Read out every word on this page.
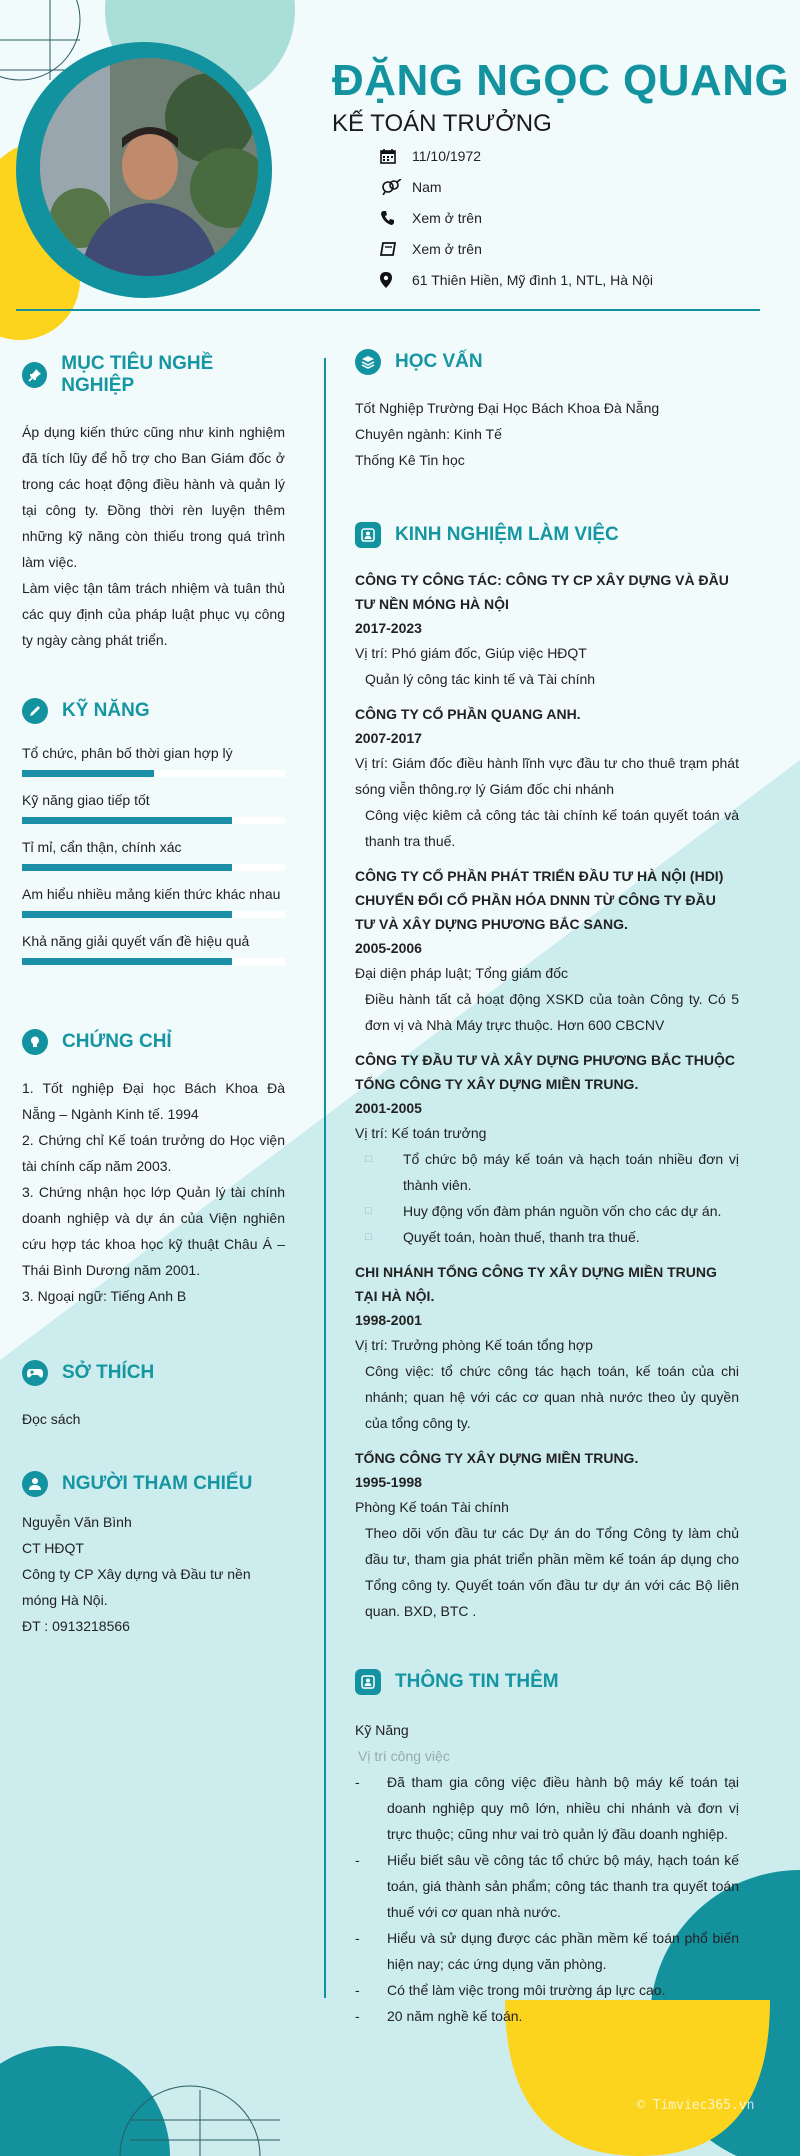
ĐẶNG NGỌC QUANG
KẾ TOÁN TRƯỞNG
11/10/1972
Nam
Xem ở trên
Xem ở trên
61 Thiên Hiền, Mỹ đình 1, NTL, Hà Nội
MỤC TIÊU NGHỀ NGHIỆP

Áp dụng kiến thức cũng như kinh nghiệm đã tích lũy để hỗ trợ cho Ban Giám đốc ở trong các hoạt động điều hành và quản lý tại công ty. Đồng thời rèn luyện thêm những kỹ năng còn thiếu trong quá trình làm việc.

Làm việc tận tâm trách nhiệm và tuân thủ các quy định của pháp luật phục vụ công ty ngày càng phát triển.

KỸ NĂNG
Tổ chức, phân bố thời gian hợp lý
Kỹ năng giao tiếp tốt
Tỉ mỉ, cẩn thận, chính xác
Am hiểu nhiều mảng kiến thức khác nhau
Khả năng giải quyết vấn đề hiệu quả
CHỨNG CHỈ

1. Tốt nghiệp Đại học Bách Khoa Đà Nẵng – Ngành Kinh tế. 1994

2. Chứng chỉ Kế toán trưởng do Học viện tài chính cấp năm 2003.

3. Chứng nhận học lớp Quản lý tài chính doanh nghiệp và dự án của Viện nghiên cứu hợp tác khoa học kỹ thuật Châu Á – Thái Bình Dương năm 2001.

3. Ngoại ngữ: Tiếng Anh B

SỞ THÍCH

Đọc sách

NGƯỜI THAM CHIẾU

Nguyễn Văn Bình

CT HĐQT

Công ty CP Xây dựng và Đầu tư nền móng Hà Nội.

ĐT : 0913218566

HỌC VẤN

Tốt Nghiệp Trường Đại Học Bách Khoa Đà Nẵng

Chuyên ngành: Kinh Tế

Thống Kê Tin học

KINH NGHIỆM LÀM VIỆC

CÔNG TY CÔNG TÁC: CÔNG TY CP XÂY DỰNG VÀ ĐẦU TƯ NỀN MÓNG HÀ NỘI

2017-2023

Vị trí: Phó giám đốc, Giúp việc HĐQT

Quản lý công tác kinh tế và Tài chính

CÔNG TY CỔ PHẦN QUANG ANH.

2007-2017

Vị trí: Giám đốc điều hành lĩnh vực đầu tư cho thuê trạm phát sóng viễn thông.rợ lý Giám đốc chi nhánh

Công việc kiêm cả công tác tài chính kế toán quyết toán và thanh tra thuế.

CÔNG TY CỔ PHẦN PHÁT TRIỂN ĐẦU TƯ HÀ NỘI (HDI) CHUYỂN ĐỔI CỔ PHẦN HÓA DNNN TỪ CÔNG TY ĐẦU TƯ VÀ XÂY DỰNG PHƯƠNG BẮC SANG.

2005-2006

Đại diện pháp luật; Tổng giám đốc

Điều hành tất cả hoạt động XSKD của toàn Công ty. Có 5 đơn vị và Nhà Máy trực thuộc. Hơn 600 CBCNV

CÔNG TY ĐẦU TƯ VÀ XÂY DỰNG PHƯƠNG BẮC THUỘC TỔNG CÔNG TY XÂY DỰNG MIỀN TRUNG.

2001-2005

Vị trí: Kế toán trưởng

□	Tổ chức bộ máy kế toán và hạch toán nhiều đơn vị thành viên.
□	Huy động vốn đàm phán nguồn vốn cho các dự án.
□	Quyết toán, hoàn thuế, thanh tra thuế.

CHI NHÁNH TỔNG CÔNG TY XÂY DỰNG MIỀN TRUNG TẠI HÀ NỘI.

1998-2001

Vị trí: Trưởng phòng Kế toán tổng hợp

Công việc: tổ chức công tác hạch toán, kế toán của chi nhánh; quan hệ với các cơ quan nhà nước theo ủy quyền của tổng công ty.

TỔNG CÔNG TY XÂY DỰNG MIỀN TRUNG.

1995-1998

Phòng Kế toán Tài chính

Theo dõi vốn đầu tư các Dự án do Tổng Công ty làm chủ đầu tư, tham gia phát triển phần mềm kế toán áp dụng cho Tổng công ty. Quyết toán vốn đầu tư dự án với các Bộ liên quan. BXD, BTC .

THÔNG TIN THÊM

Kỹ Năng

Vị trí công việc

-	Đã tham gia công việc điều hành bộ máy kế toán tại doanh nghiệp quy mô lớn, nhiều chi nhánh và đơn vị trực thuộc; cũng như vai trò quản lý đầu doanh nghiệp.
-	Hiểu biết sâu về công tác tổ chức bộ máy, hạch toán kế toán, giá thành sản phẩm; công tác thanh tra quyết toán thuế với cơ quan nhà nước.
-	Hiểu và sử dụng được các phần mềm kế toán phổ biến hiện nay; các ứng dụng văn phòng.
-	Có thể làm việc trong môi trường áp lực cao.
-	20 năm nghề kế toán.
© Timviec365.vn
